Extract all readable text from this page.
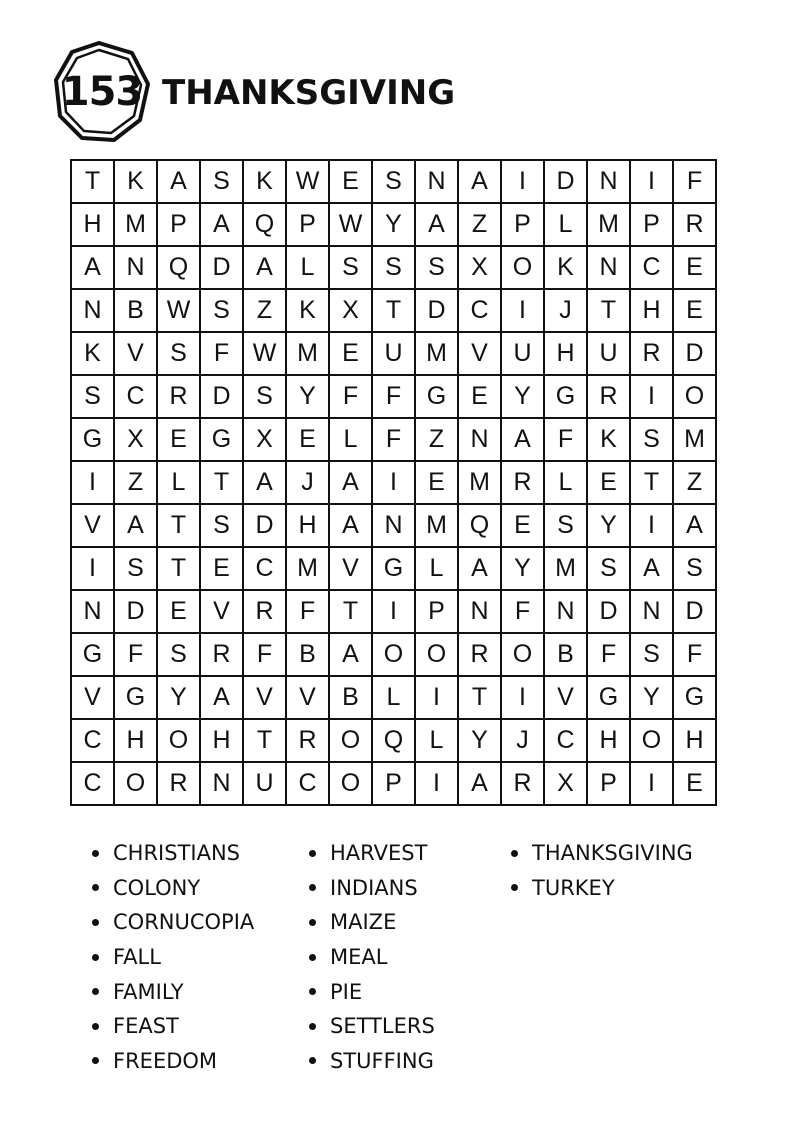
153 THANKSGIVING
T	K	A	S	K W E	S	N	A	I	D N	I	F
H M P	A Q P W Y	A	Z	P	L	M P	R
A	N Q D	A	L	S	S	S	X O K	N C	E
N	B W S	Z	K	X	T	D C	I	J	T	H	E
K	V	S	F W M E	U M V	U H U R D
S	C R D	S	Y	F	F	G E	Y G R	I	O
G X	E G X	E	L	F	Z	N	A	F	K	S M
I	Z	L	T	A	J	A	I	E M R	L	E	T	Z
V	A	T	S	D H	A	N M Q E	S	Y	I	A
I	S	T	E	C M V G	L	A	Y M S	A	S
N D	E	V	R	F	T	I	P	N	F	N D N D
G	F	S	R	F	B	A O O R O B	F	S	F
V G Y	A	V	V	B	L	I	T	I	V G Y G
C H O H	T	R O Q	L	Y	J	C H O H
C O R N U C O P	I	A	R	X	P	I	E
CHRISTIANS
COLONY
CORNUCOPIA
FALL
FAMILY
FEAST
FREEDOM
HARVEST
INDIANS
MAIZE
MEAL
PIE
SETTLERS
STUFFING
THANKSGIVING
TURKEY
